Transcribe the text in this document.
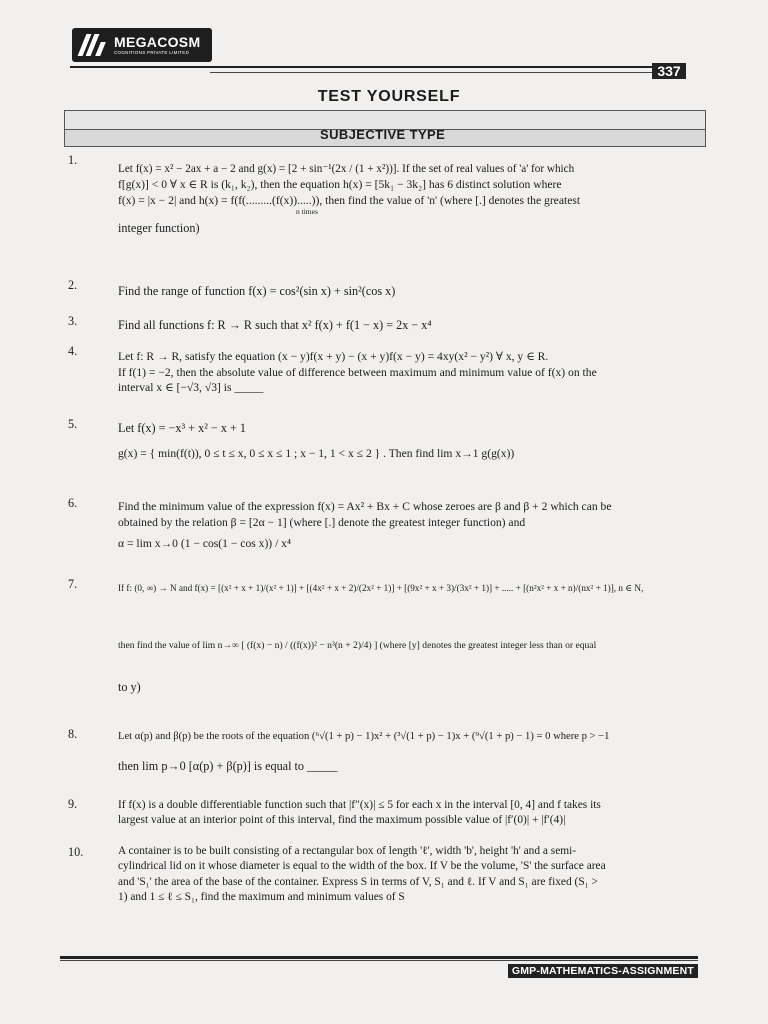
MEGACOSM
COGNITIONS PRIVATE LIMITED
337
TEST YOURSELF
SUBJECTIVE TYPE
1.
Let f(x) = x² − 2ax + a − 2 and g(x) = [2 + sin⁻¹(2x / (1 + x²))]. If the set of real values of 'a' for which
f[g(x)] < 0 ∀ x ∈ R is (k₁, k₂), then the equation h(x) = [5k₁ − 3k₂] has 6 distinct solution where
f(x) = |x − 2| and h(x) = f(f(.........(f(x)).....)), then find the value of 'n' (where [.] denotes the greatest
n times
integer function)
2.	Find the range of function f(x) = cos²(sin x) + sin²(cos x)
3.	Find all functions f: R → R such that x² f(x) + f(1 − x) = 2x − x⁴
4.	Let f: R → R, satisfy the equation (x − y)f(x + y) − (x + y)f(x − y) = 4xy(x² − y²) ∀ x, y ∈ R.
If f(1) = −2, then the absolute value of difference between maximum and minimum value of f(x) on the
interval x ∈ [−√3, √3] is _____
5.	Let f(x) = −x³ + x² − x + 1
g(x) = { min(f(t)), 0 ≤ t ≤ x, 0 ≤ x ≤ 1 ; x − 1, 1 < x ≤ 2 } . Then find lim x→1 g(g(x))
6.	Find the minimum value of the expression f(x) = Ax² + Bx + C whose zeroes are β and β + 2 which can be
obtained by the relation β = [2α − 1] (where [.] denote the greatest integer function) and
α = lim x→0 (1 − cos(1 − cos x)) / x⁴
7.	If f: (0, ∞) → N and f(x) = [(x² + x + 1)/(x² + 1)] + [(4x² + x + 2)/(2x² + 1)] + [(9x² + x + 3)/(3x² + 1)] + ..... + [(n²x² + x + n)/(nx² + 1)], n ∈ N,
then find the value of lim n→∞ [ (f(x) − n) / ((f(x))² − n³(n + 2)/4) ] (where [y] denotes the greatest integer less than or equal
to y)
8.	Let α(p) and β(p) be the roots of the equation (⁶√(1 + p) − 1)x² + (³√(1 + p) − 1)x + (⁹√(1 + p) − 1) = 0 where p > −1
then lim p→0 [α(p) + β(p)] is equal to _____
9.	If f(x) is a double differentiable function such that |f″(x)| ≤ 5 for each x in the interval [0, 4] and f takes its
largest value at an interior point of this interval, find the maximum possible value of |f′(0)| + |f′(4)|
10.	A container is to be built consisting of a rectangular box of length 'ℓ', width 'b', height 'h' and a semi-
cylindrical lid on it whose diameter is equal to the width of the box. If V be the volume, 'S' the surface area
and 'S₁' the area of the base of the container. Express S in terms of V, S₁ and ℓ. If V and S₁ are fixed (S₁ >
1) and 1 ≤ ℓ ≤ S₁, find the maximum and minimum values of S
GMP-MATHEMATICS-ASSIGNMENT
